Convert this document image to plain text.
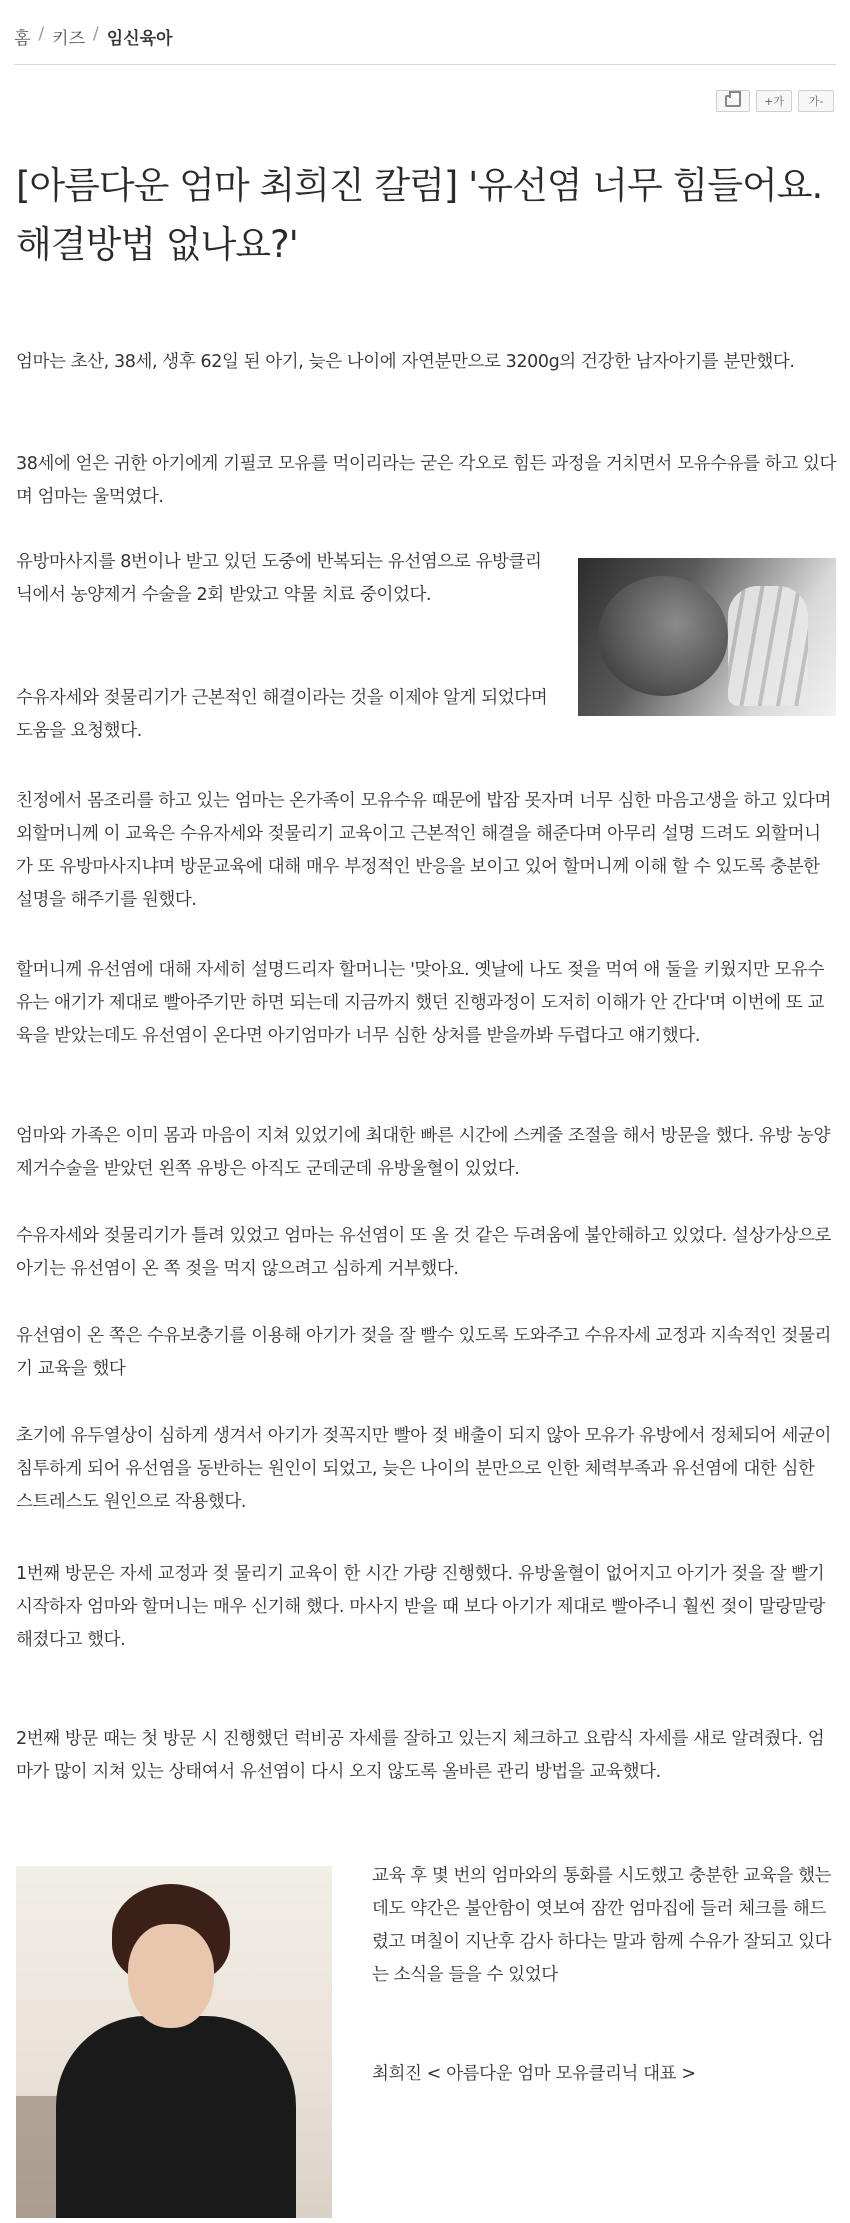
홈 / 키즈 / 임신육아
+가	가-
[아름다운 엄마 최희진 칼럼] '유선염 너무 힘들어요. 해결방법 없나요?'

엄마는 초산, 38세, 생후 62일 된 아기, 늦은 나이에 자연분만으로 3200g의 건강한 남자아기를 분만했다.

38세에 얻은 귀한 아기에게 기필코 모유를 먹이리라는 굳은 각오로 힘든 과정을 거치면서 모유수유를 하고 있다며 엄마는 울먹였다.

유방마사지를 8번이나 받고 있던 도중에 반복되는 유선염으로 유방클리닉에서 농양제거 수술을 2회 받았고 약물 치료 중이었다.

수유자세와 젖물리기가 근본적인 해결이라는 것을 이제야 알게 되었다며 도움을 요청했다.

친정에서 몸조리를 하고 있는 엄마는 온가족이 모유수유 때문에 밥잠 못자며 너무 심한 마음고생을 하고 있다며 외할머니께 이 교육은 수유자세와 젖물리기 교육이고 근본적인 해결을 해준다며 아무리 설명 드려도 외할머니가 또 유방마사지냐며 방문교육에 대해 매우 부정적인 반응을 보이고 있어 할머니께 이해 할 수 있도록 충분한 설명을 해주기를 원했다.

할머니께 유선염에 대해 자세히 설명드리자 할머니는 '맞아요. 옛날에 나도 젖을 먹여 애 둘을 키웠지만 모유수유는 애기가 제대로 빨아주기만 하면 되는데 지금까지 했던 진행과정이 도저히 이해가 안 간다'며 이번에 또 교육을 받았는데도 유선염이 온다면 아기엄마가 너무 심한 상처를 받을까봐 두렵다고 얘기했다.

엄마와 가족은 이미 몸과 마음이 지쳐 있었기에 최대한 빠른 시간에 스케줄 조절을 해서 방문을 했다. 유방 농양 제거수술을 받았던 왼쪽 유방은 아직도 군데군데 유방울혈이 있었다.

수유자세와 젖물리기가 틀려 있었고 엄마는 유선염이 또 올 것 같은 두려움에 불안해하고 있었다. 설상가상으로 아기는 유선염이 온 쪽 젖을 먹지 않으려고 심하게 거부했다.

유선염이 온 쪽은 수유보충기를 이용해 아기가 젖을 잘 빨수 있도록 도와주고 수유자세 교정과 지속적인 젖물리기 교육을 했다

초기에 유두열상이 심하게 생겨서 아기가 젖꼭지만 빨아 젖 배출이 되지 않아 모유가 유방에서 정체되어 세균이 침투하게 되어 유선염을 동반하는 원인이 되었고, 늦은 나이의 분만으로 인한 체력부족과 유선염에 대한 심한 스트레스도 원인으로 작용했다.

1번째 방문은 자세 교정과 젖 물리기 교육이 한 시간 가량 진행했다. 유방울혈이 없어지고 아기가 젖을 잘 빨기 시작하자 엄마와 할머니는 매우 신기해 했다. 마사지 받을 때 보다 아기가 제대로 빨아주니 훨씬 젖이 말랑말랑 해졌다고 했다.

2번째 방문 때는 첫 방문 시 진행했던 럭비공 자세를 잘하고 있는지 체크하고 요람식 자세를 새로 알려줬다. 엄마가 많이 지쳐 있는 상태여서 유선염이 다시 오지 않도록 올바른 관리 방법을 교육했다.

교육 후 몇 번의 엄마와의 통화를 시도했고 충분한 교육을 했는데도 약간은 불안함이 엿보여 잠깐 엄마집에 들러 체크를 해드렸고 며칠이 지난후 감사 하다는 말과 함께 수유가 잘되고 있다는 소식을 들을 수 있었다

최희진 < 아름다운 엄마 모유클리닉 대표 >
